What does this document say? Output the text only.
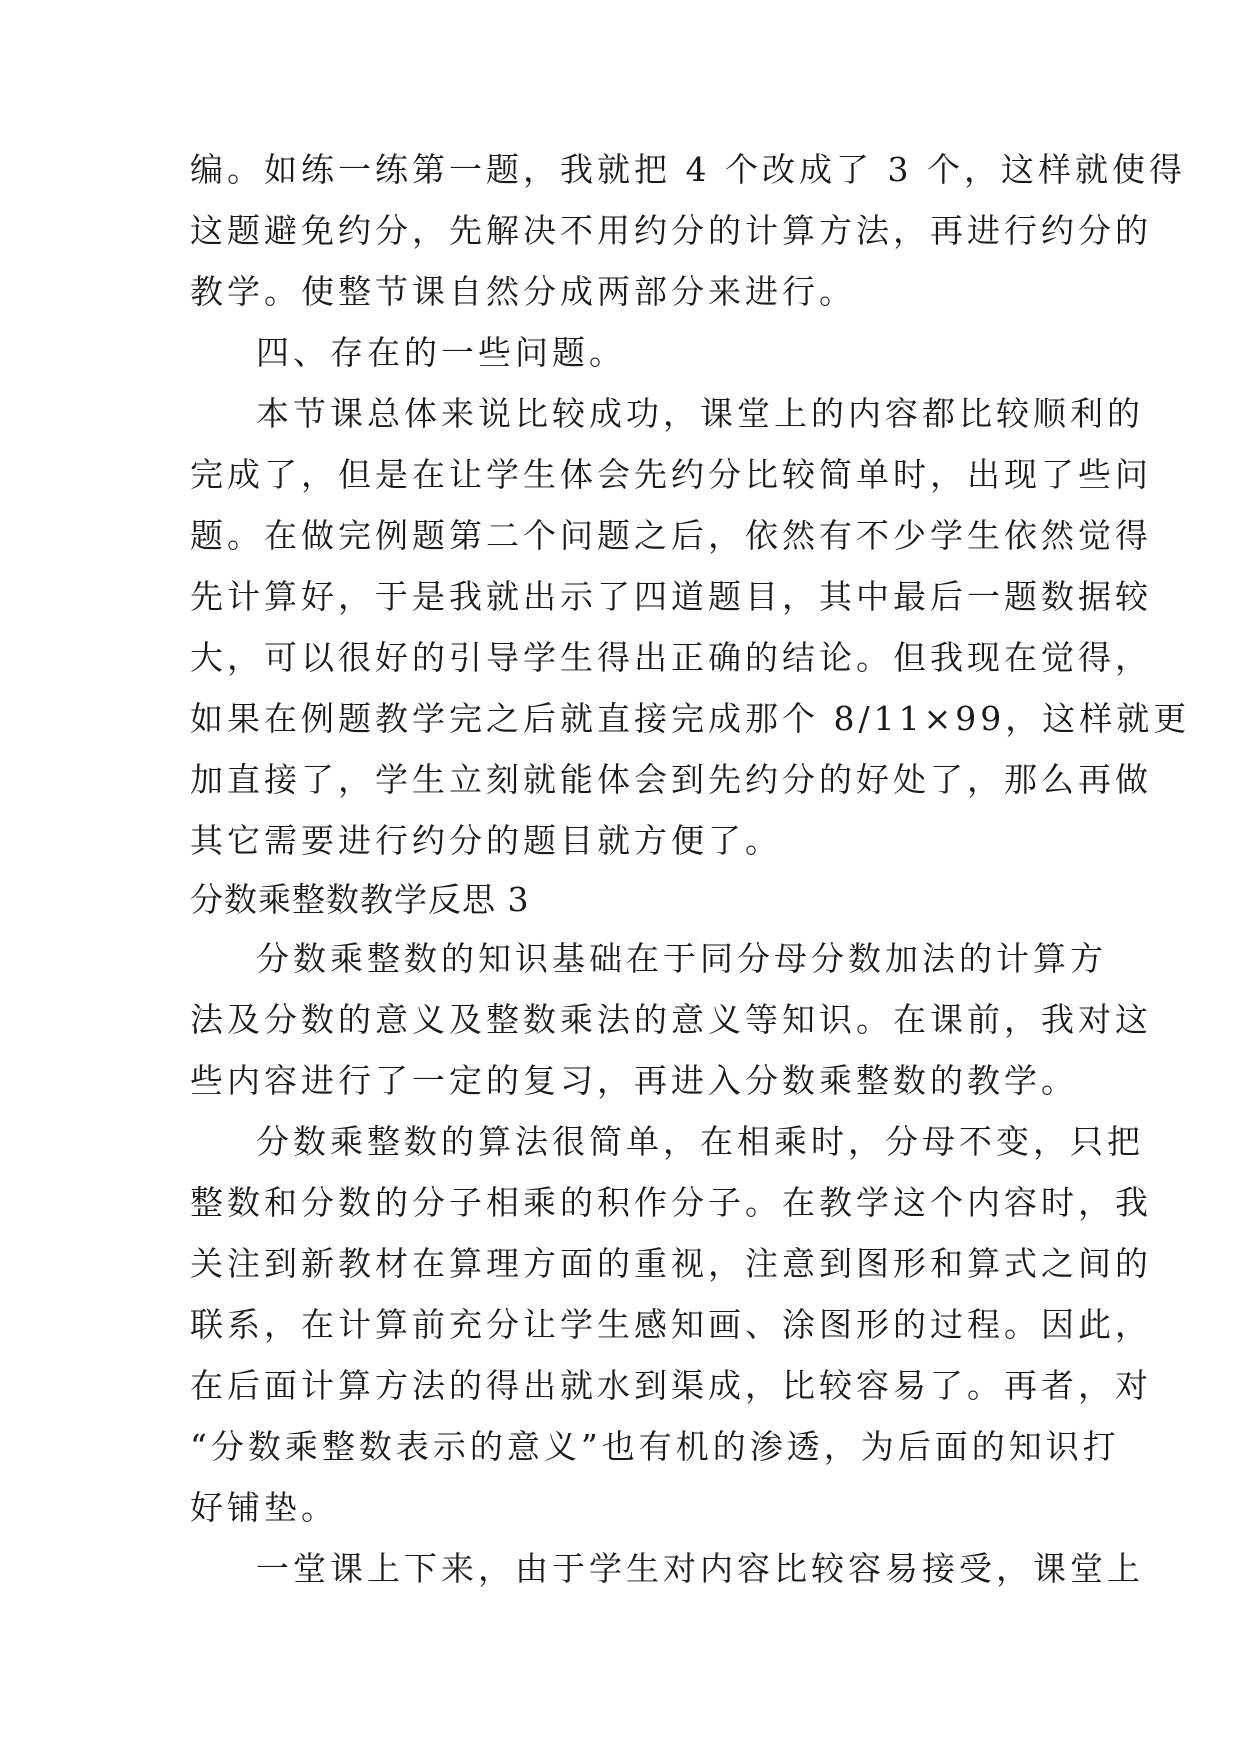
编。如练一练第一题，我就把 4 个改成了 3 个，这样就使得

这题避免约分，先解决不用约分的计算方法，再进行约分的

教学。使整节课自然分成两部分来进行。

四、存在的一些问题。

本节课总体来说比较成功，课堂上的内容都比较顺利的

完成了，但是在让学生体会先约分比较简单时，出现了些问

题。在做完例题第二个问题之后，依然有不少学生依然觉得

先计算好，于是我就出示了四道题目，其中最后一题数据较

大，可以很好的引导学生得出正确的结论。但我现在觉得，

如果在例题教学完之后就直接完成那个 8/11×99，这样就更

加直接了，学生立刻就能体会到先约分的好处了，那么再做

其它需要进行约分的题目就方便了。

分数乘整数教学反思 3

分数乘整数的知识基础在于同分母分数加法的计算方

法及分数的意义及整数乘法的意义等知识。在课前，我对这

些内容进行了一定的复习，再进入分数乘整数的教学。

分数乘整数的算法很简单，在相乘时，分母不变，只把

整数和分数的分子相乘的积作分子。在教学这个内容时，我

关注到新教材在算理方面的重视，注意到图形和算式之间的

联系，在计算前充分让学生感知画、涂图形的过程。因此，

在后面计算方法的得出就水到渠成，比较容易了。再者，对

“分数乘整数表示的意义”也有机的渗透，为后面的知识打

好铺垫。

一堂课上下来，由于学生对内容比较容易接受，课堂上
